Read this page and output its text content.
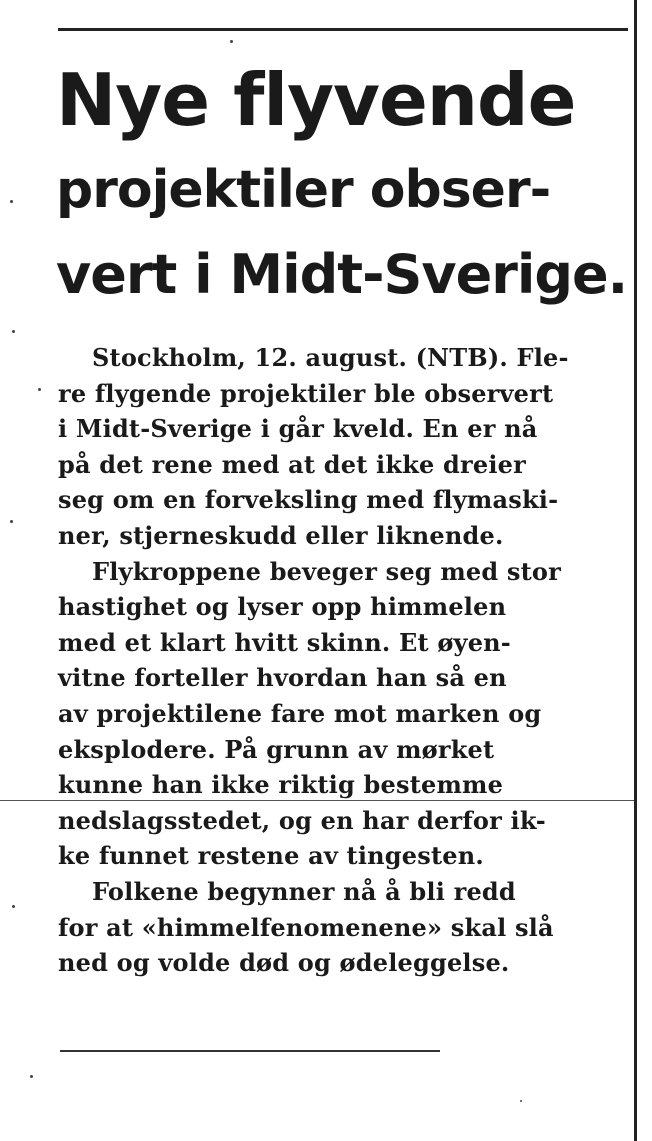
Nye flyvende
projektiler obser-
vert i Midt-Sverige.
Stockholm, 12. august. (NTB). Fle-
re flygende projektiler ble observert
i Midt-Sverige i går kveld. En er nå
på det rene med at det ikke dreier
seg om en forveksling med flymaski-
ner, stjerneskudd eller liknende.
Flykroppene beveger seg med stor
hastighet og lyser opp himmelen
med et klart hvitt skinn. Et øyen-
vitne forteller hvordan han så en
av projektilene fare mot marken og
eksplodere. På grunn av mørket
kunne han ikke riktig bestemme
nedslagsstedet, og en har derfor ik-
ke funnet restene av tingesten.
Folkene begynner nå å bli redd
for at «himmelfenomenene» skal slå
ned og volde død og ødeleggelse.
